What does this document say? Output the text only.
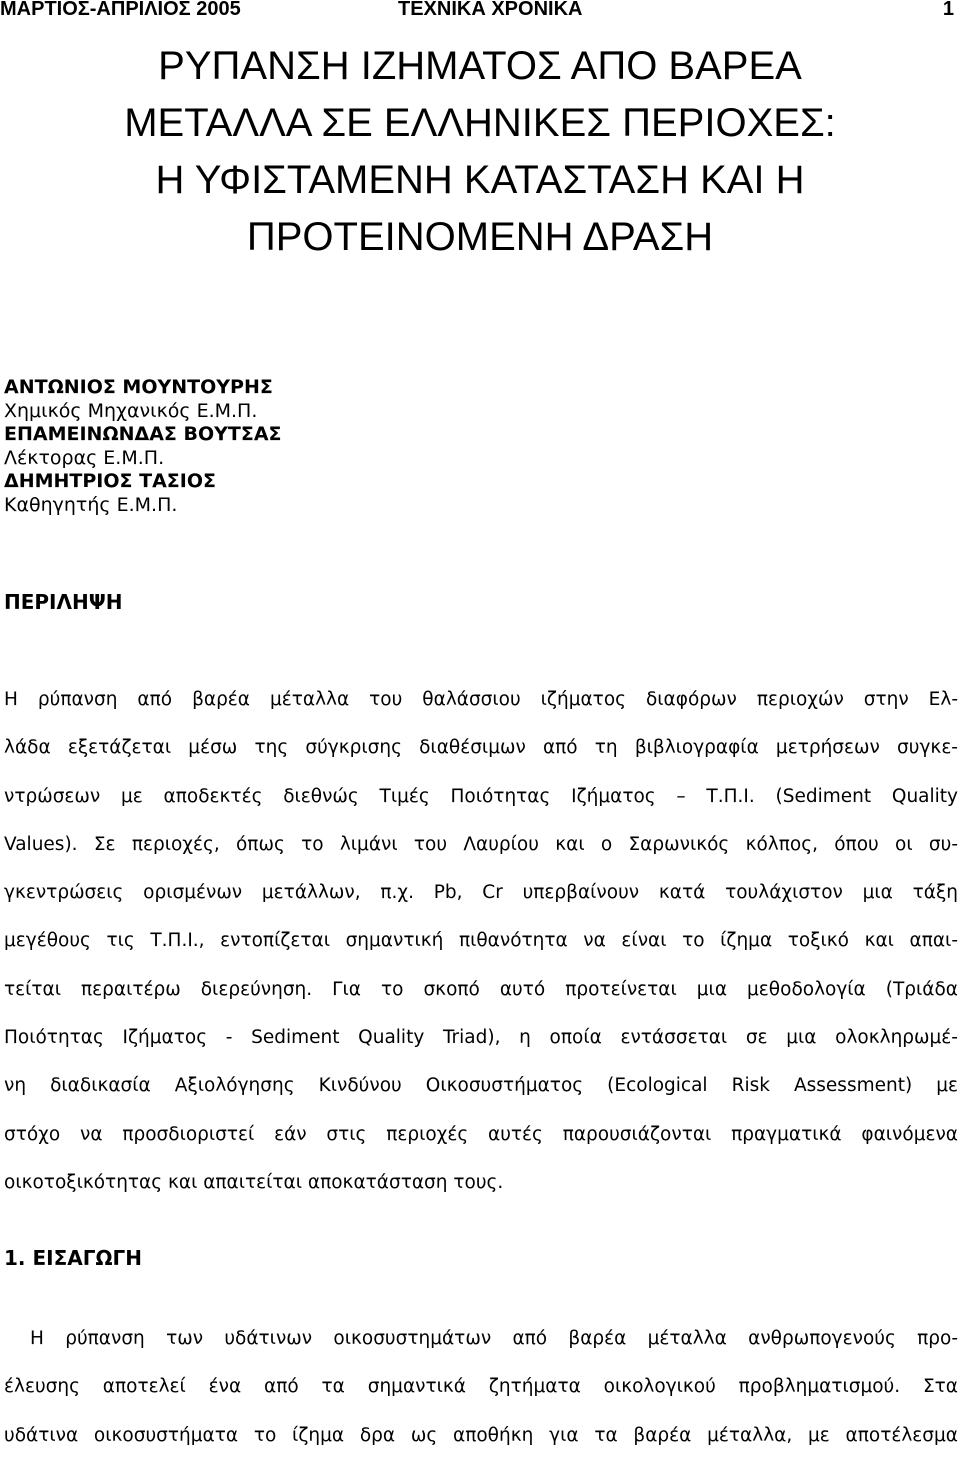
ΜΑΡΤΙΟΣ-ΑΠΡΙΛΙΟΣ 2005	ΤΕΧΝΙΚΑ ΧΡΟΝΙΚΑ	1
ΡΥΠΑΝΣΗ ΙΖΗΜΑΤΟΣ ΑΠΟ ΒΑΡΕΑ
ΜΕΤΑΛΛΑ ΣΕ ΕΛΛΗΝΙΚΕΣ ΠΕΡΙΟΧΕΣ:
Η ΥΦΙΣΤΑΜΕΝΗ ΚΑΤΑΣΤΑΣΗ ΚΑΙ Η
ΠΡΟΤΕΙΝΟΜΕΝΗ ΔΡΑΣΗ
ΑΝΤΩΝΙΟΣ ΜΟΥΝΤΟΥΡΗΣ
Χημικός Μηχανικός Ε.Μ.Π.
ΕΠΑΜΕΙΝΩΝΔΑΣ ΒΟΥΤΣΑΣ
Λέκτορας Ε.Μ.Π.
ΔΗΜΗΤΡΙΟΣ ΤΑΣΙΟΣ
Καθηγητής Ε.Μ.Π.
ΠΕΡΙΛΗΨΗ
Η ρύπανση από βαρέα μέταλλα του θαλάσσιου ιζήματος διαφόρων περιοχών στην Ελ-
λάδα εξετάζεται μέσω της σύγκρισης διαθέσιμων από τη βιβλιογραφία μετρήσεων συγκε-
ντρώσεων με αποδεκτές διεθνώς Τιμές Ποιότητας Ιζήματος – Τ.Π.Ι. (Sediment Quality
Values). Σε περιοχές, όπως το λιμάνι του Λαυρίου και ο Σαρωνικός κόλπος, όπου οι συ-
γκεντρώσεις ορισμένων μετάλλων, π.χ. Pb, Cr υπερβαίνουν κατά τουλάχιστον μια τάξη
μεγέθους τις Τ.Π.Ι., εντοπίζεται σημαντική πιθανότητα να είναι το ίζημα τοξικό και απαι-
τείται περαιτέρω διερεύνηση. Για το σκοπό αυτό προτείνεται μια μεθοδολογία (Τριάδα
Ποιότητας Ιζήματος - Sediment Quality Triad), η οποία εντάσσεται σε μια ολοκληρωμέ-
νη διαδικασία Αξιολόγησης Κινδύνου Οικοσυστήματος (Ecological Risk Assessment) με
στόχο να προσδιοριστεί εάν στις περιοχές αυτές παρουσιάζονται πραγματικά φαινόμενα
οικοτοξικότητας και απαιτείται αποκατάσταση τους.
1. ΕΙΣΑΓΩΓΗ
Η ρύπανση των υδάτινων οικοσυστημάτων από βαρέα μέταλλα ανθρωπογενούς προ-
έλευσης αποτελεί ένα από τα σημαντικά ζητήματα οικολογικού προβληματισμού. Στα
υδάτινα οικοσυστήματα το ίζημα δρα ως αποθήκη για τα βαρέα μέταλλα, με αποτέλεσμα
